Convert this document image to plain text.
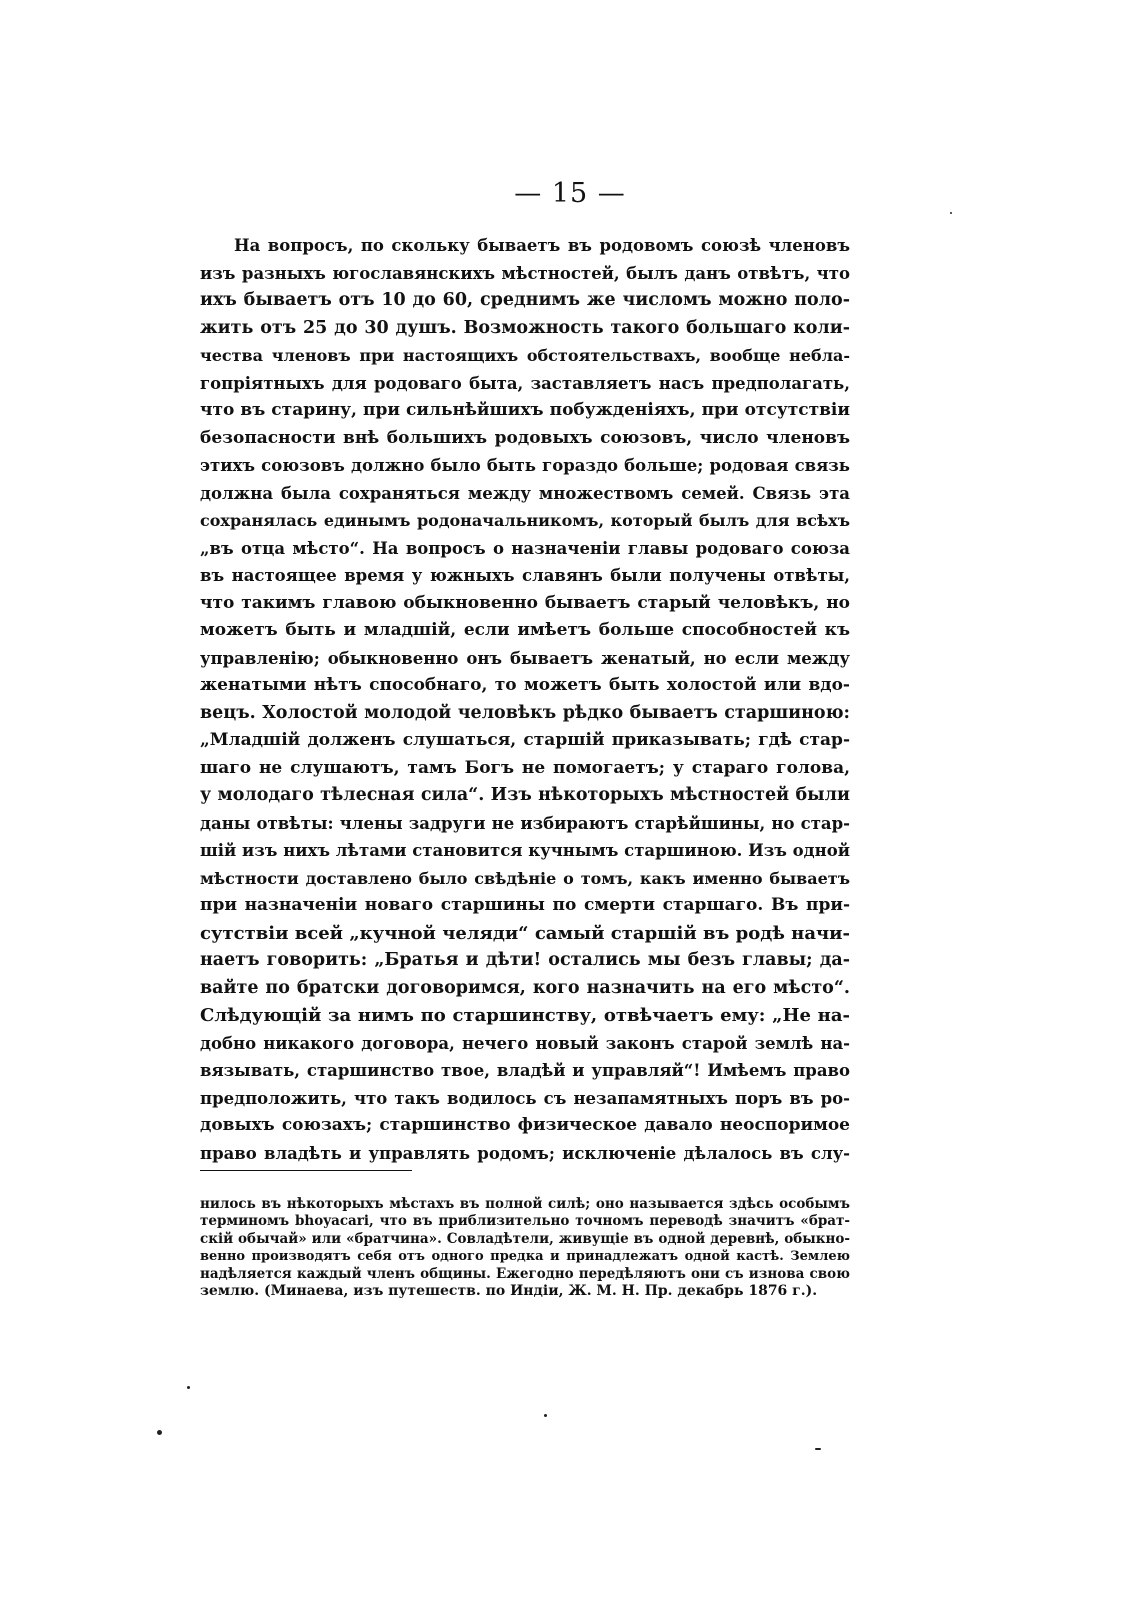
— 15 —
На вопросъ, по скольку бываетъ въ родовомъ союзѣ членовъ
изъ разныхъ югославянскихъ мѣстностей, былъ данъ отвѣтъ, что
ихъ бываетъ отъ 10 до 60, среднимъ же числомъ можно поло-
жить отъ 25 до 30 душъ. Возможность такого большаго коли-
чества членовъ при настоящихъ обстоятельствахъ, вообще небла-
гопріятныхъ для родоваго быта, заставляетъ насъ предполагать,
что въ старину, при сильнѣйшихъ побужденіяхъ, при отсутствіи
безопасности внѣ большихъ родовыхъ союзовъ, число членовъ
этихъ союзовъ должно было быть гораздо больше; родовая связь
должна была сохраняться между множествомъ семей. Связь эта
сохранялась единымъ родоначальникомъ, который былъ для всѣхъ
„въ отца мѣсто“. На вопросъ о назначеніи главы родоваго союза
въ настоящее время у южныхъ славянъ были получены отвѣты,
что такимъ главою обыкновенно бываетъ старый человѣкъ, но
можетъ быть и младшій, если имѣетъ больше способностей къ
управленію; обыкновенно онъ бываетъ женатый, но если между
женатыми нѣтъ способнаго, то можетъ быть холостой или вдо-
вецъ. Холостой молодой человѣкъ рѣдко бываетъ старшиною:
„Младшій долженъ слушаться, старшій приказывать; гдѣ стар-
шаго не слушаютъ, тамъ Богъ не помогаетъ; у стараго голова,
у молодаго тѣлесная сила“. Изъ нѣкоторыхъ мѣстностей были
даны отвѣты: члены задруги не избираютъ старѣйшины, но стар-
шій изъ нихъ лѣтами становится кучнымъ старшиною. Изъ одной
мѣстности доставлено было свѣдѣніе о томъ, какъ именно бываетъ
при назначеніи новаго старшины по смерти старшаго. Въ при-
сутствіи всей „кучной челяди“ самый старшій въ родѣ начи-
наетъ говорить: „Братья и дѣти! остались мы безъ главы; да-
вайте по братски договоримся, кого назначить на его мѣсто“.
Слѣдующій за нимъ по старшинству, отвѣчаетъ ему: „Не на-
добно никакого договора, нечего новый законъ старой землѣ на-
вязывать, старшинство твое, владѣй и управляй“! Имѣемъ право
предположить, что такъ водилось съ незапамятныхъ поръ въ ро-
довыхъ союзахъ; старшинство физическое давало неоспоримое
право владѣть и управлять родомъ; исключеніе дѣлалось въ слу-
нилось въ нѣкоторыхъ мѣстахъ въ полной силѣ; оно называется здѣсь особымъ
терминомъ bhoyacari, что въ приблизительно точномъ переводѣ значитъ «брат-
скій обычай» или «братчина». Совладѣтели, живущіе въ одной деревнѣ, обыкно-
венно производятъ себя отъ одного предка и принадлежатъ одной кастѣ. Землею
надѣляется каждый членъ общины. Ежегодно передѣляютъ они съ изнова свою
землю. (Минаева, изъ путешеств. по Индіи, Ж. М. Н. Пр. декабрь 1876 г.).
